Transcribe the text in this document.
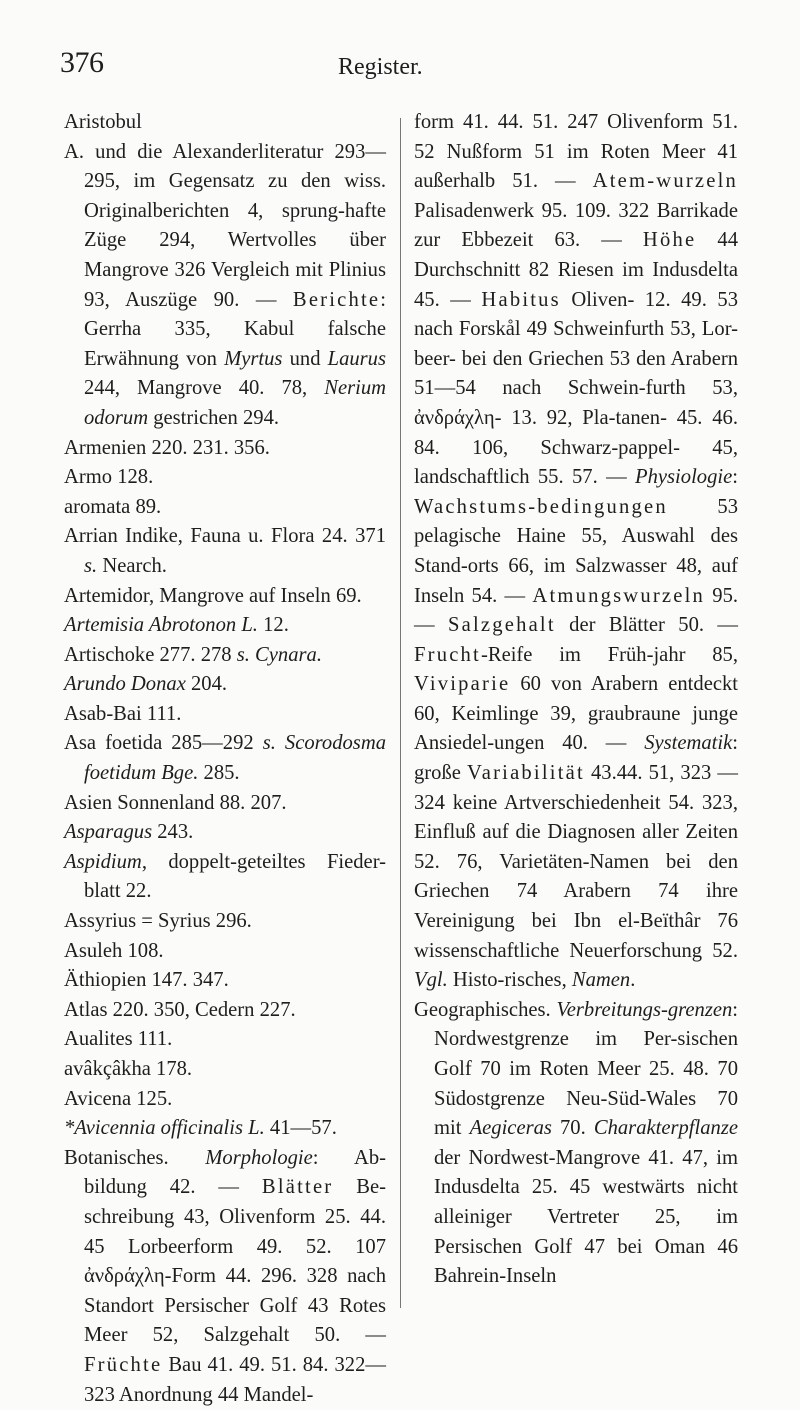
376	Register.

Aristobul

A. und die Alexanderliteratur 293—295, im Gegensatz zu den wiss. Originalberichten 4, sprung-hafte Züge 294, Wertvolles über Mangrove 326 Vergleich mit Plinius 93, Auszüge 90. — Berichte: Gerrha 335, Kabul falsche Erwähnung von Myrtus und Laurus 244, Mangrove 40. 78, Nerium odorum gestrichen 294.

Armenien 220. 231. 356.

Armo 128.

aromata 89.

Arrian Indike, Fauna u. Flora 24. 371 s. Nearch.

Artemidor, Mangrove auf Inseln 69.

Artemisia Abrotonon L. 12.

Artischoke 277. 278 s. Cynara.

Arundo Donax 204.

Asab-Bai 111.

Asa foetida 285—292 s. Scorodosma foetidum Bge. 285.

Asien Sonnenland 88. 207.

Asparagus 243.

Aspidium, doppelt-geteiltes Fieder-blatt 22.

Assyrius = Syrius 296.

Asuleh 108.

Äthiopien 147. 347.

Atlas 220. 350, Cedern 227.

Aualites 111.

avâkçâkha 178.

Avicena 125.

*Avicennia officinalis L. 41—57.

Botanisches. Morphologie: Ab-bildung 42. — Blätter Be-schreibung 43, Olivenform 25. 44. 45 Lorbeerform 49. 52. 107 ἀνδράχλη-Form 44. 296. 328 nach Standort Persischer Golf 43 Rotes Meer 52, Salzgehalt 50. — Früchte Bau 41. 49. 51. 84. 322—323 Anordnung 44 Mandel-

form 41. 44. 51. 247 Olivenform 51. 52 Nußform 51 im Roten Meer 41 außerhalb 51. — Atem-wurzeln Palisadenwerk 95. 109. 322 Barrikade zur Ebbezeit 63. — Höhe 44 Durchschnitt 82 Riesen im Indusdelta 45. — Habitus Oliven- 12. 49. 53 nach Forskål 49 Schweinfurth 53, Lor-beer- bei den Griechen 53 den Arabern 51—54 nach Schwein-furth 53, ἀνδράχλη- 13. 92, Pla-tanen- 45. 46. 84. 106, Schwarz-pappel- 45, landschaftlich 55. 57. — Physiologie: Wachstums-bedingungen 53 pelagische Haine 55, Auswahl des Stand-orts 66, im Salzwasser 48, auf Inseln 54. — Atmungswurzeln 95. — Salzgehalt der Blätter 50. — Frucht-Reife im Früh-jahr 85, Viviparie 60 von Arabern entdeckt 60, Keimlinge 39, graubraune junge Ansiedel-ungen 40. — Systematik: große Variabilität 43.44. 51, 323 —324 keine Artverschiedenheit 54. 323, Einfluß auf die Diagnosen aller Zeiten 52. 76, Varietäten-Namen bei den Griechen 74 Arabern 74 ihre Vereinigung bei Ibn el-Beïthâr 76 wissenschaftliche Neuerforschung 52. Vgl. Histo-risches, Namen.

Geographisches. Verbreitungs-grenzen: Nordwestgrenze im Per-sischen Golf 70 im Roten Meer 25. 48. 70 Südostgrenze Neu-Süd-Wales 70 mit Aegiceras 70. Charakterpflanze der Nordwest-Mangrove 41. 47, im Indusdelta 25. 45 westwärts nicht alleiniger Vertreter 25, im Persischen Golf 47 bei Oman 46 Bahrein-Inseln
